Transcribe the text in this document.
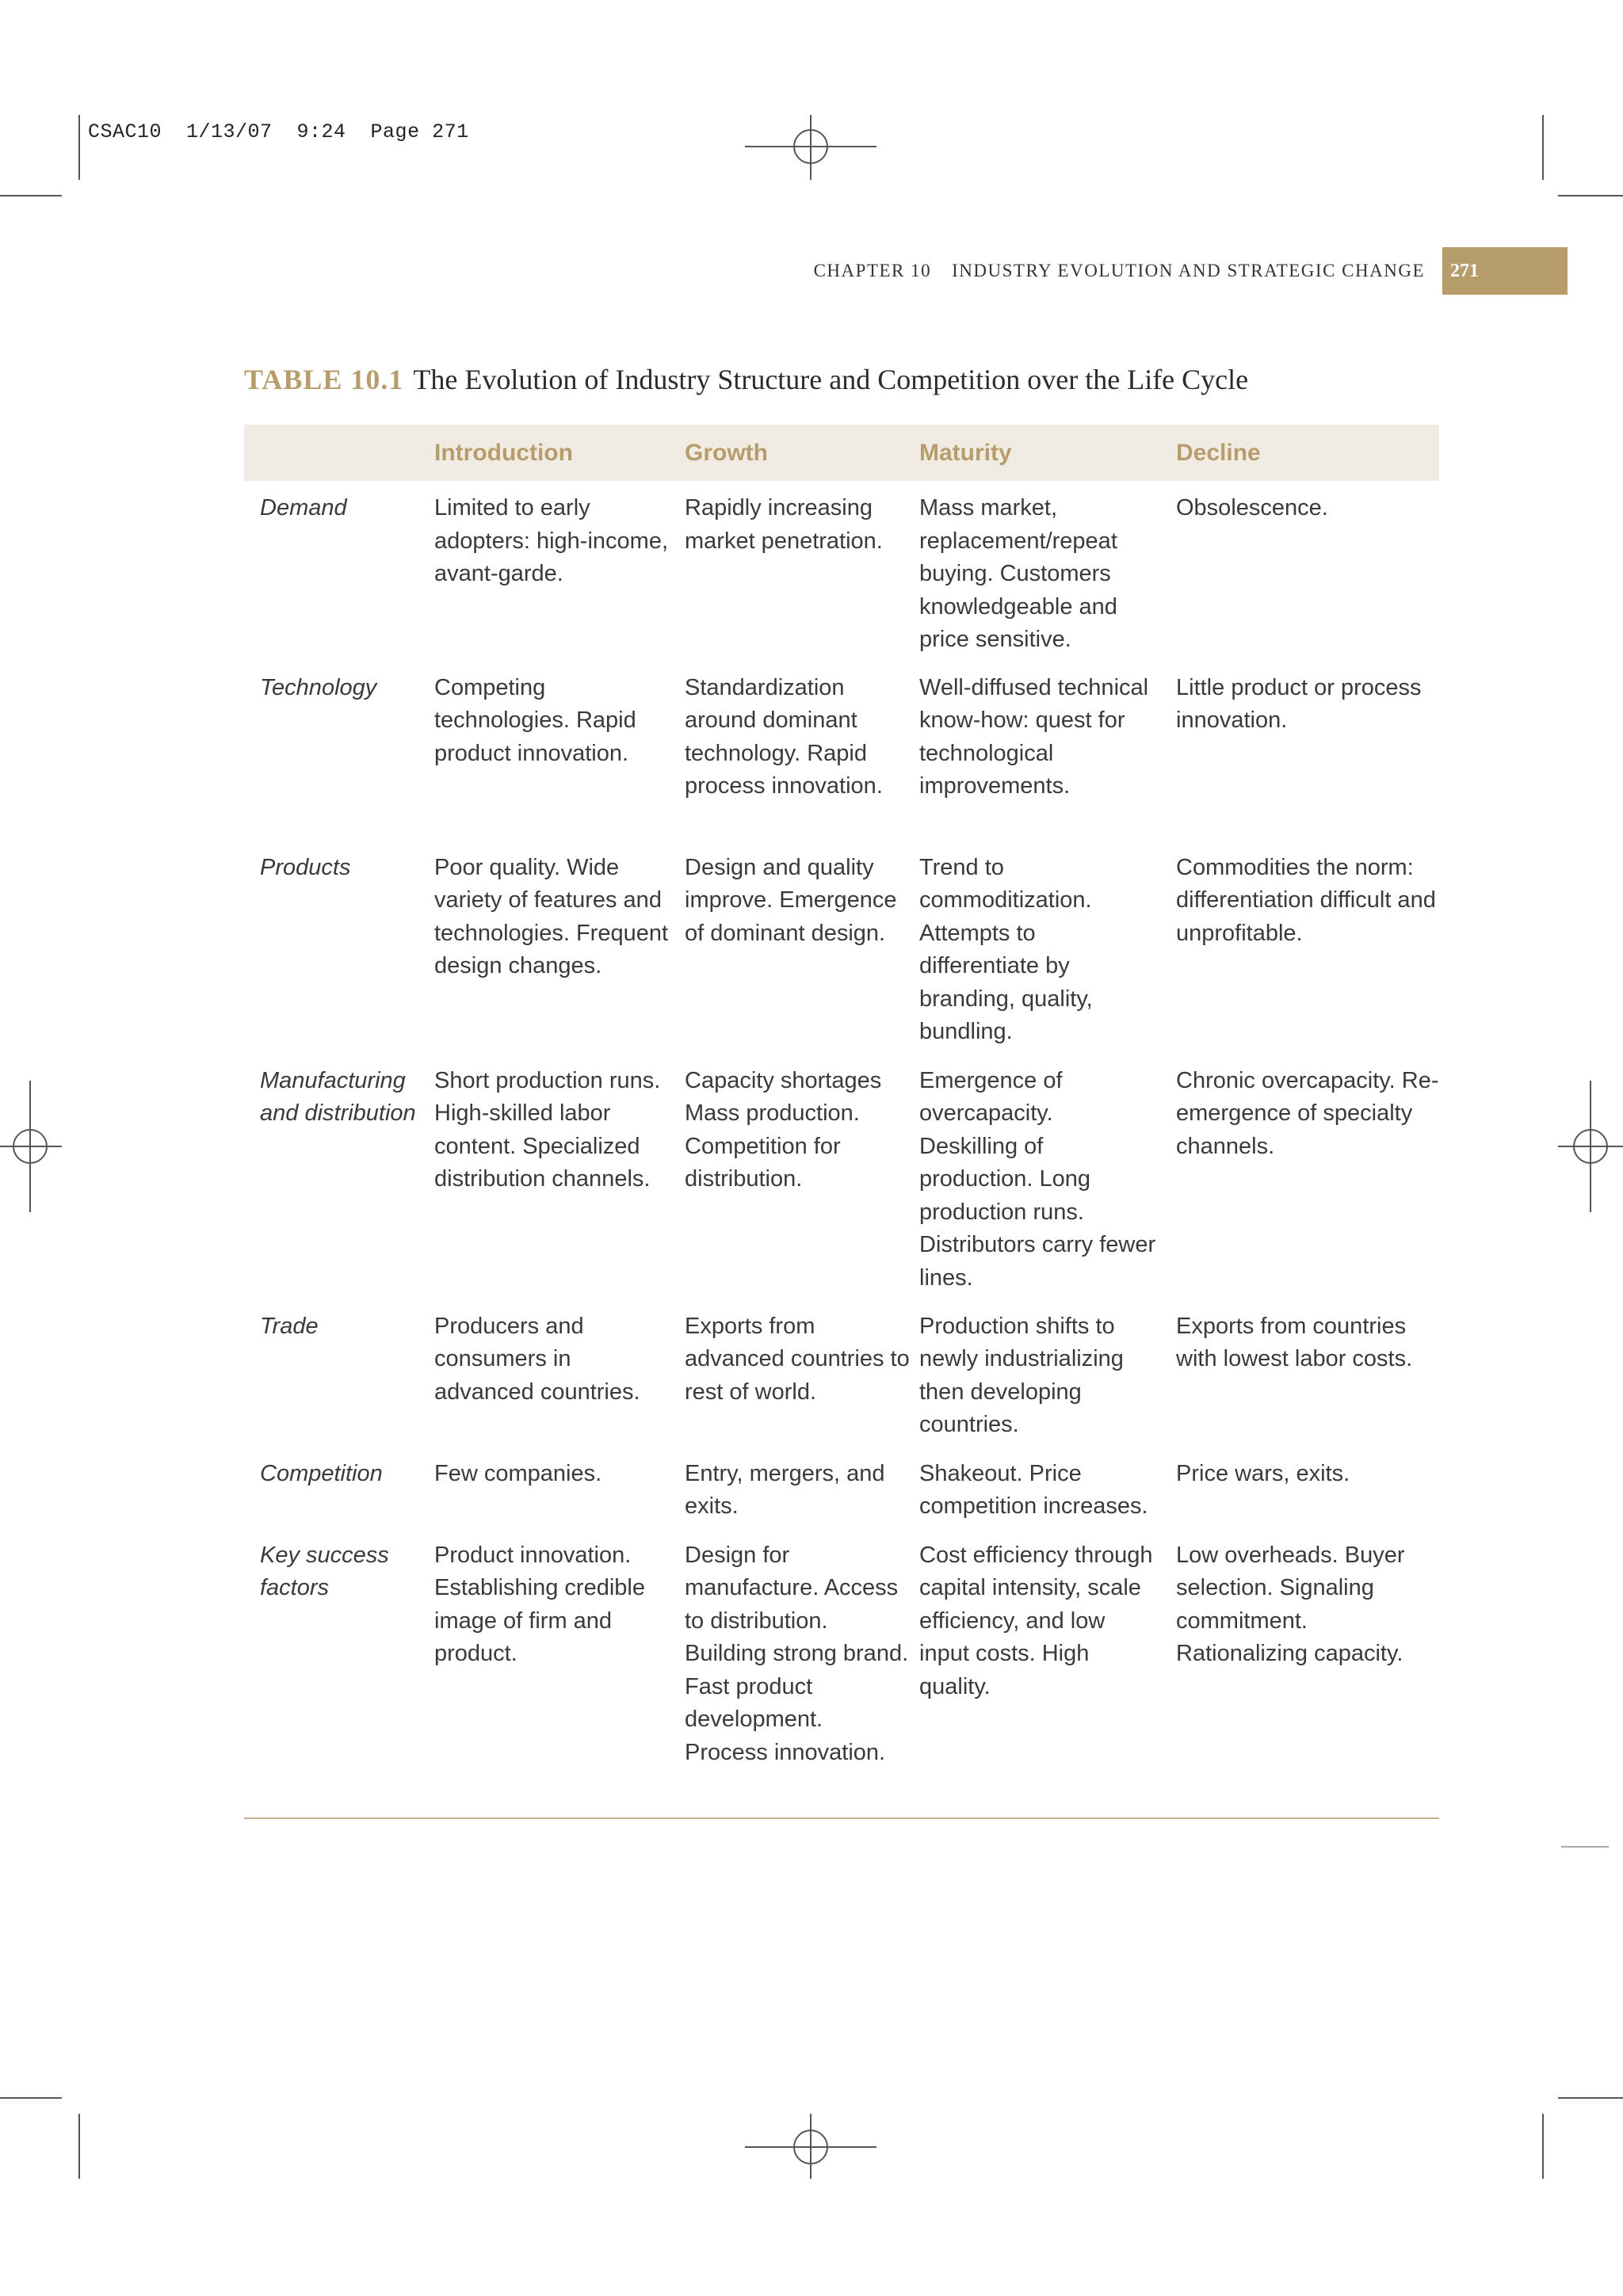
CSAC10  1/13/07  9:24  Page 271
CHAPTER 10 INDUSTRY EVOLUTION AND STRATEGIC CHANGE	271
TABLE 10.1 The Evolution of Industry Structure and Competition over the Life Cycle
	Introduction	Growth	Maturity	Decline
Demand	Limited to early adopters: high-income, avant-garde.	Rapidly increasing market penetration.	Mass market, replacement/repeat buying. Customers knowledgeable and price sensitive.	Obsolescence.
Technology	Competing technologies. Rapid product innovation.	Standardization around dominant technology. Rapid process innovation.	Well-diffused technical know-how: quest for technological improvements.	Little product or process innovation.
Products	Poor quality. Wide variety of features and technologies. Frequent design changes.	Design and quality improve. Emergence of dominant design.	Trend to commoditization. Attempts to differentiate by branding, quality, bundling.	Commodities the norm: differentiation difficult and unprofitable.
Manufacturing and distribution	Short production runs. High-skilled labor content. Specialized distribution channels.	Capacity shortages Mass production. Competition for distribution.	Emergence of overcapacity. Deskilling of production. Long production runs. Distributors carry fewer lines.	Chronic overcapacity. Re-emergence of specialty channels.
Trade	Producers and consumers in advanced countries.	Exports from advanced countries to rest of world.	Production shifts to newly industrializing then developing countries.	Exports from countries with lowest labor costs.
Competition	Few companies.	Entry, mergers, and exits.	Shakeout. Price competition increases.	Price wars, exits.
Key success factors	Product innovation. Establishing credible image of firm and product.	Design for manufacture. Access to distribution. Building strong brand. Fast product development. Process innovation.	Cost efficiency through capital intensity, scale efficiency, and low input costs. High quality.	Low overheads. Buyer selection. Signaling commitment. Rationalizing capacity.
